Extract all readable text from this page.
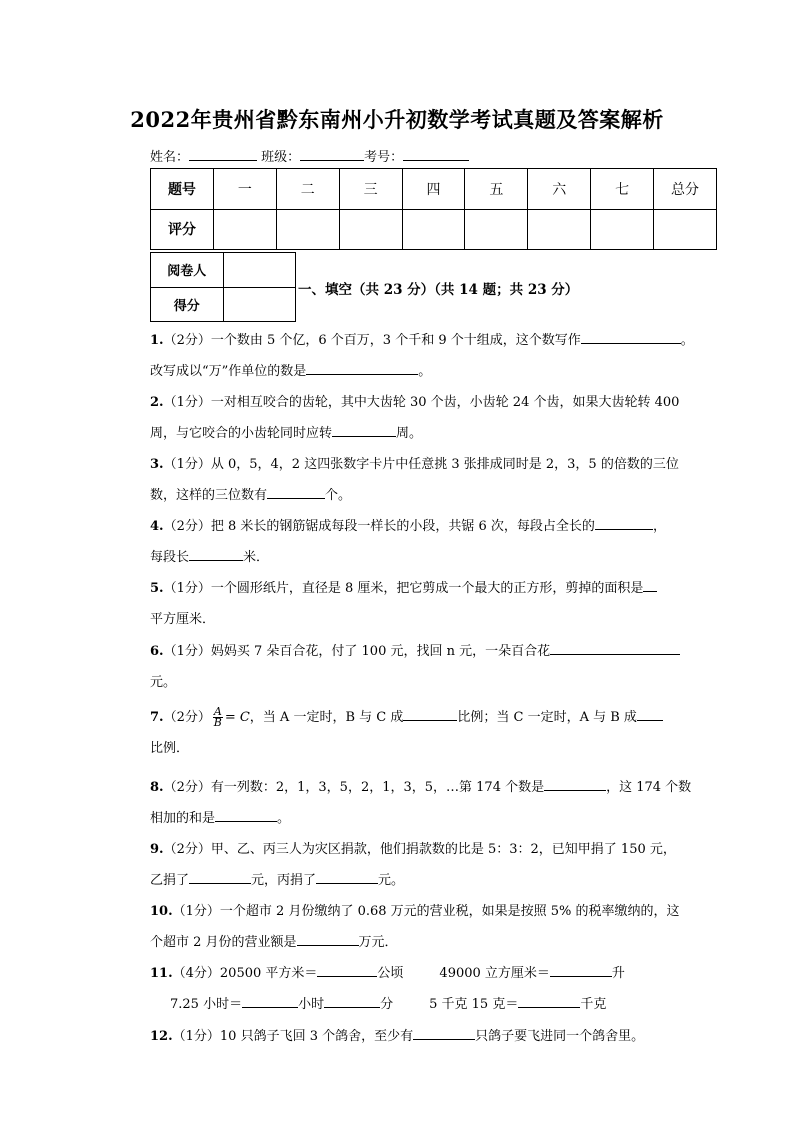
2022年贵州省黔东南州小升初数学考试真题及答案解析
姓名：	班级：	考号：
题号	一	二	三	四	五	六	七	总分
评分								
阅卷人	
得分	
一、填空（共 23 分）（共 14 题；共 23 分）
1.（2分）一个数由 5 个亿，6 个百万，3 个千和 9 个十组成，这个数写作	。
改写成以“万”作单位的数是	。
2.（1分）一对相互咬合的齿轮，其中大齿轮 30 个齿，小齿轮 24 个齿，如果大齿轮转 400
周，与它咬合的小齿轮同时应转	周。
3.（1分）从 0，5，4，2 这四张数字卡片中任意挑 3 张排成同时是 2，3，5 的倍数的三位
数，这样的三位数有	个。
4.（2分）把 8 米长的钢筋锯成每段一样长的小段，共锯 6 次，每段占全长的	，
每段长	米．
5.（1分）一个圆形纸片，直径是 8 厘米，把它剪成一个最大的正方形，剪掉的面积是
平方厘米．
6.（1分）妈妈买 7 朵百合花，付了 100 元，找回 n 元，一朵百合花
元。
7.（2分） $\frac{A}{B} = C$，当 A 一定时，B 与 C 成	比例；当 C 一定时，A 与 B 成
比例．
8.（2分）有一列数：2，1，3，5，2，1，3，5，…第 174 个数是	，这 174 个数
相加的和是	。
9.（2分）甲、乙、丙三人为灾区捐款，他们捐款数的比是 5：3：2，已知甲捐了 150 元，
乙捐了	元，丙捐了	元。
10.（1分）一个超市 2 月份缴纳了 0.68 万元的营业税，如果是按照 5% 的税率缴纳的，这
个超市 2 月份的营业额是	万元．
11.（4分）20500 平方米＝	公顷	49000 立方厘米＝	升
7.25 小时＝	小时	分	5 千克 15 克＝	千克
12.（1分）10 只鸽子飞回 3 个鸽舍，至少有	只鸽子要飞进同一个鸽舍里。
